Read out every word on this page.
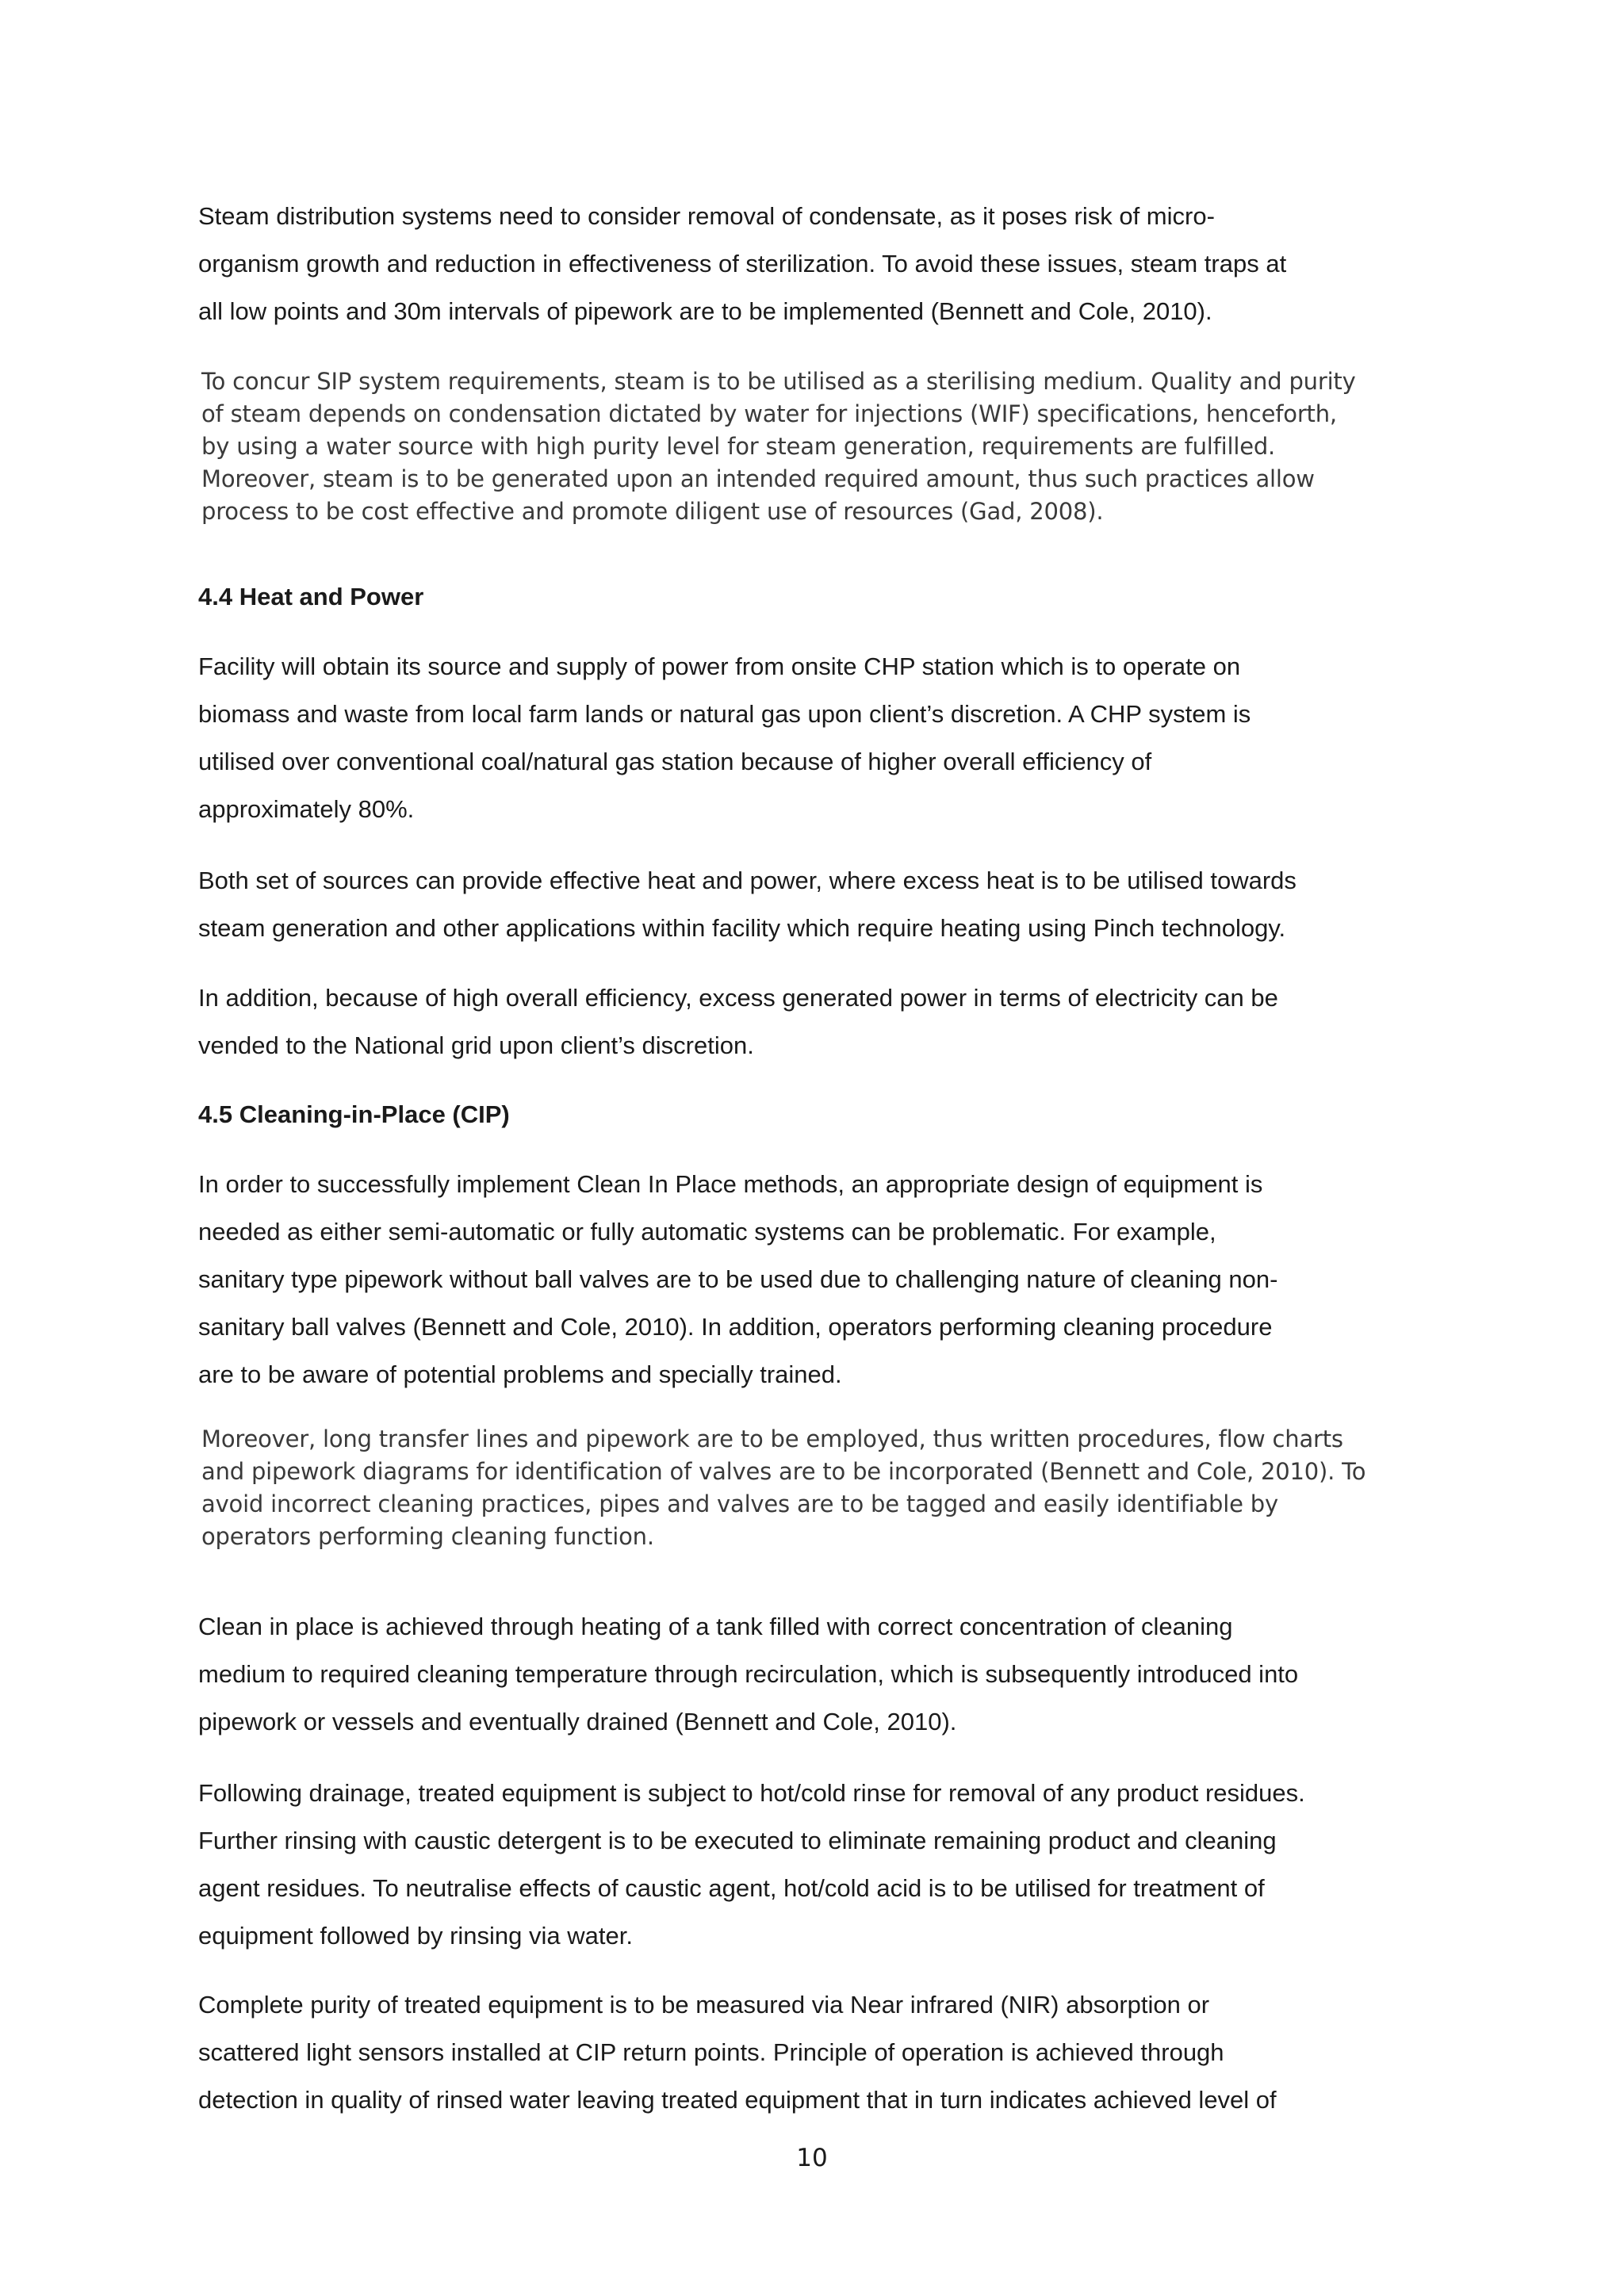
Steam distribution systems need to consider removal of condensate, as it poses risk of micro-
organism growth and reduction in effectiveness of sterilization. To avoid these issues, steam traps at
all low points and 30m intervals of pipework are to be implemented (Bennett and Cole, 2010).

To concur SIP system requirements, steam is to be utilised as a sterilising medium. Quality and purity
of steam depends on condensation dictated by water for injections (WIF) specifications, henceforth,
by using a water source with high purity level for steam generation, requirements are fulfilled.
Moreover, steam is to be generated upon an intended required amount, thus such practices allow
process to be cost effective and promote diligent use of resources (Gad, 2008).

4.4 Heat and Power

Facility will obtain its source and supply of power from onsite CHP station which is to operate on
biomass and waste from local farm lands or natural gas upon client’s discretion. A CHP system is
utilised over conventional coal/natural gas station because of higher overall efficiency of
approximately 80%.

Both set of sources can provide effective heat and power, where excess heat is to be utilised towards
steam generation and other applications within facility which require heating using Pinch technology.

In addition, because of high overall efficiency, excess generated power in terms of electricity can be
vended to the National grid upon client’s discretion.

4.5 Cleaning-in-Place (CIP)

In order to successfully implement Clean In Place methods, an appropriate design of equipment is
needed as either semi-automatic or fully automatic systems can be problematic. For example,
sanitary type pipework without ball valves are to be used due to challenging nature of cleaning non-
sanitary ball valves (Bennett and Cole, 2010). In addition, operators performing cleaning procedure
are to be aware of potential problems and specially trained.

Moreover, long transfer lines and pipework are to be employed, thus written procedures, flow charts
and pipework diagrams for identification of valves are to be incorporated (Bennett and Cole, 2010). To
avoid incorrect cleaning practices, pipes and valves are to be tagged and easily identifiable by
operators performing cleaning function.

Clean in place is achieved through heating of a tank filled with correct concentration of cleaning
medium to required cleaning temperature through recirculation, which is subsequently introduced into
pipework or vessels and eventually drained (Bennett and Cole, 2010).

Following drainage, treated equipment is subject to hot/cold rinse for removal of any product residues.
Further rinsing with caustic detergent is to be executed to eliminate remaining product and cleaning
agent residues. To neutralise effects of caustic agent, hot/cold acid is to be utilised for treatment of
equipment followed by rinsing via water.

Complete purity of treated equipment is to be measured via Near infrared (NIR) absorption or
scattered light sensors installed at CIP return points. Principle of operation is achieved through
detection in quality of rinsed water leaving treated equipment that in turn indicates achieved level of

10
